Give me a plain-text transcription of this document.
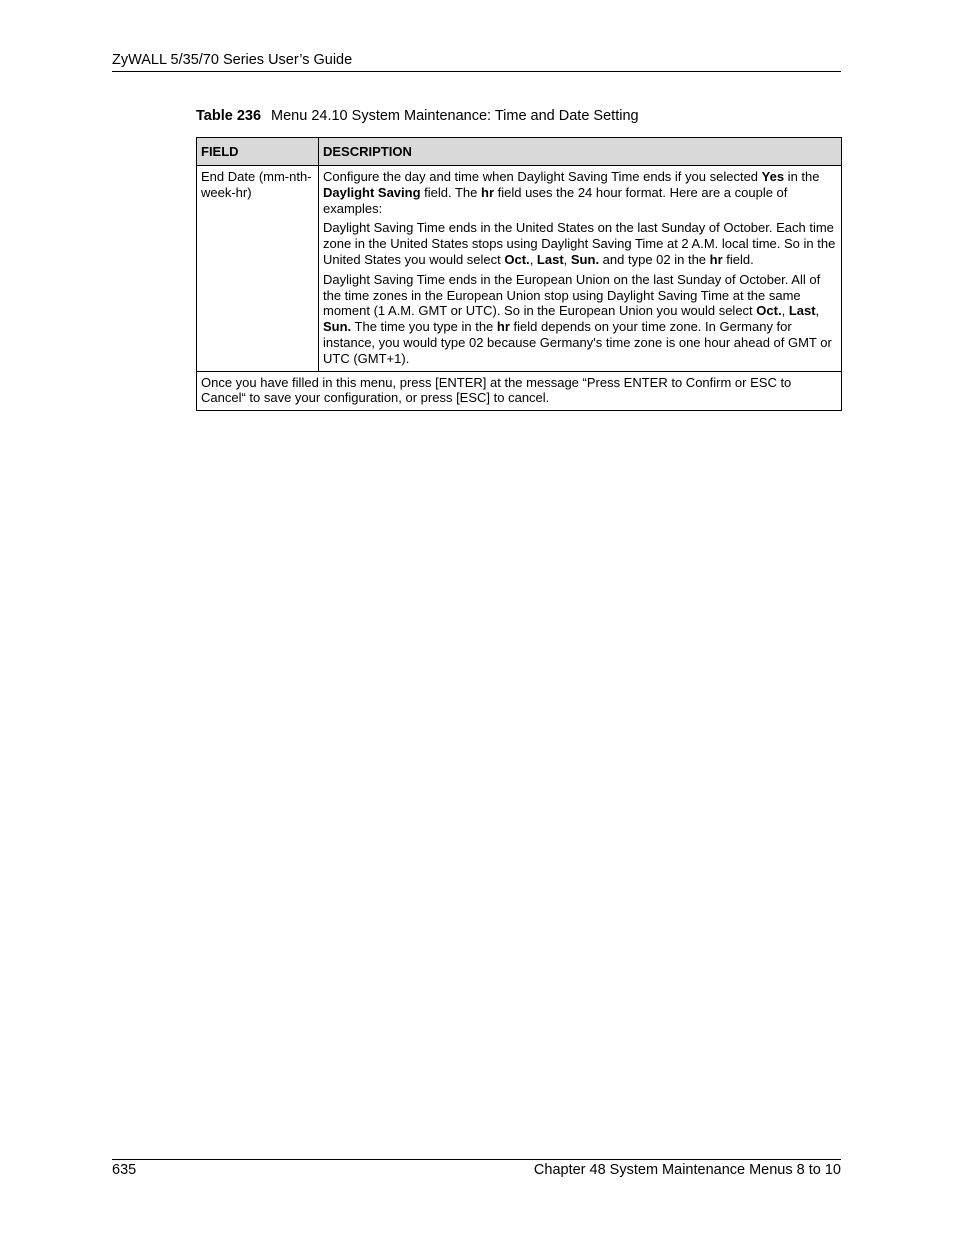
ZyWALL 5/35/70 Series User’s Guide
Table 236 Menu 24.10 System Maintenance: Time and Date Setting
FIELD	DESCRIPTION
End Date (mm-nth-week-hr)	Configure the day and time when Daylight Saving Time ends if you selected Yes in the Daylight Saving field. The hr field uses the 24 hour format. Here are a couple of examples:

Daylight Saving Time ends in the United States on the last Sunday of October. Each time zone in the United States stops using Daylight Saving Time at 2 A.M. local time. So in the United States you would select Oct., Last, Sun. and type 02 in the hr field.

Daylight Saving Time ends in the European Union on the last Sunday of October. All of the time zones in the European Union stop using Daylight Saving Time at the same moment (1 A.M. GMT or UTC). So in the European Union you would select Oct., Last, Sun. The time you type in the hr field depends on your time zone. In Germany for instance, you would type 02 because Germany's time zone is one hour ahead of GMT or UTC (GMT+1).

Once you have filled in this menu, press [ENTER] at the message “Press ENTER to Confirm or ESC to Cancel“ to save your configuration, or press [ESC] to cancel.	
635	Chapter 48 System Maintenance Menus 8 to 10
